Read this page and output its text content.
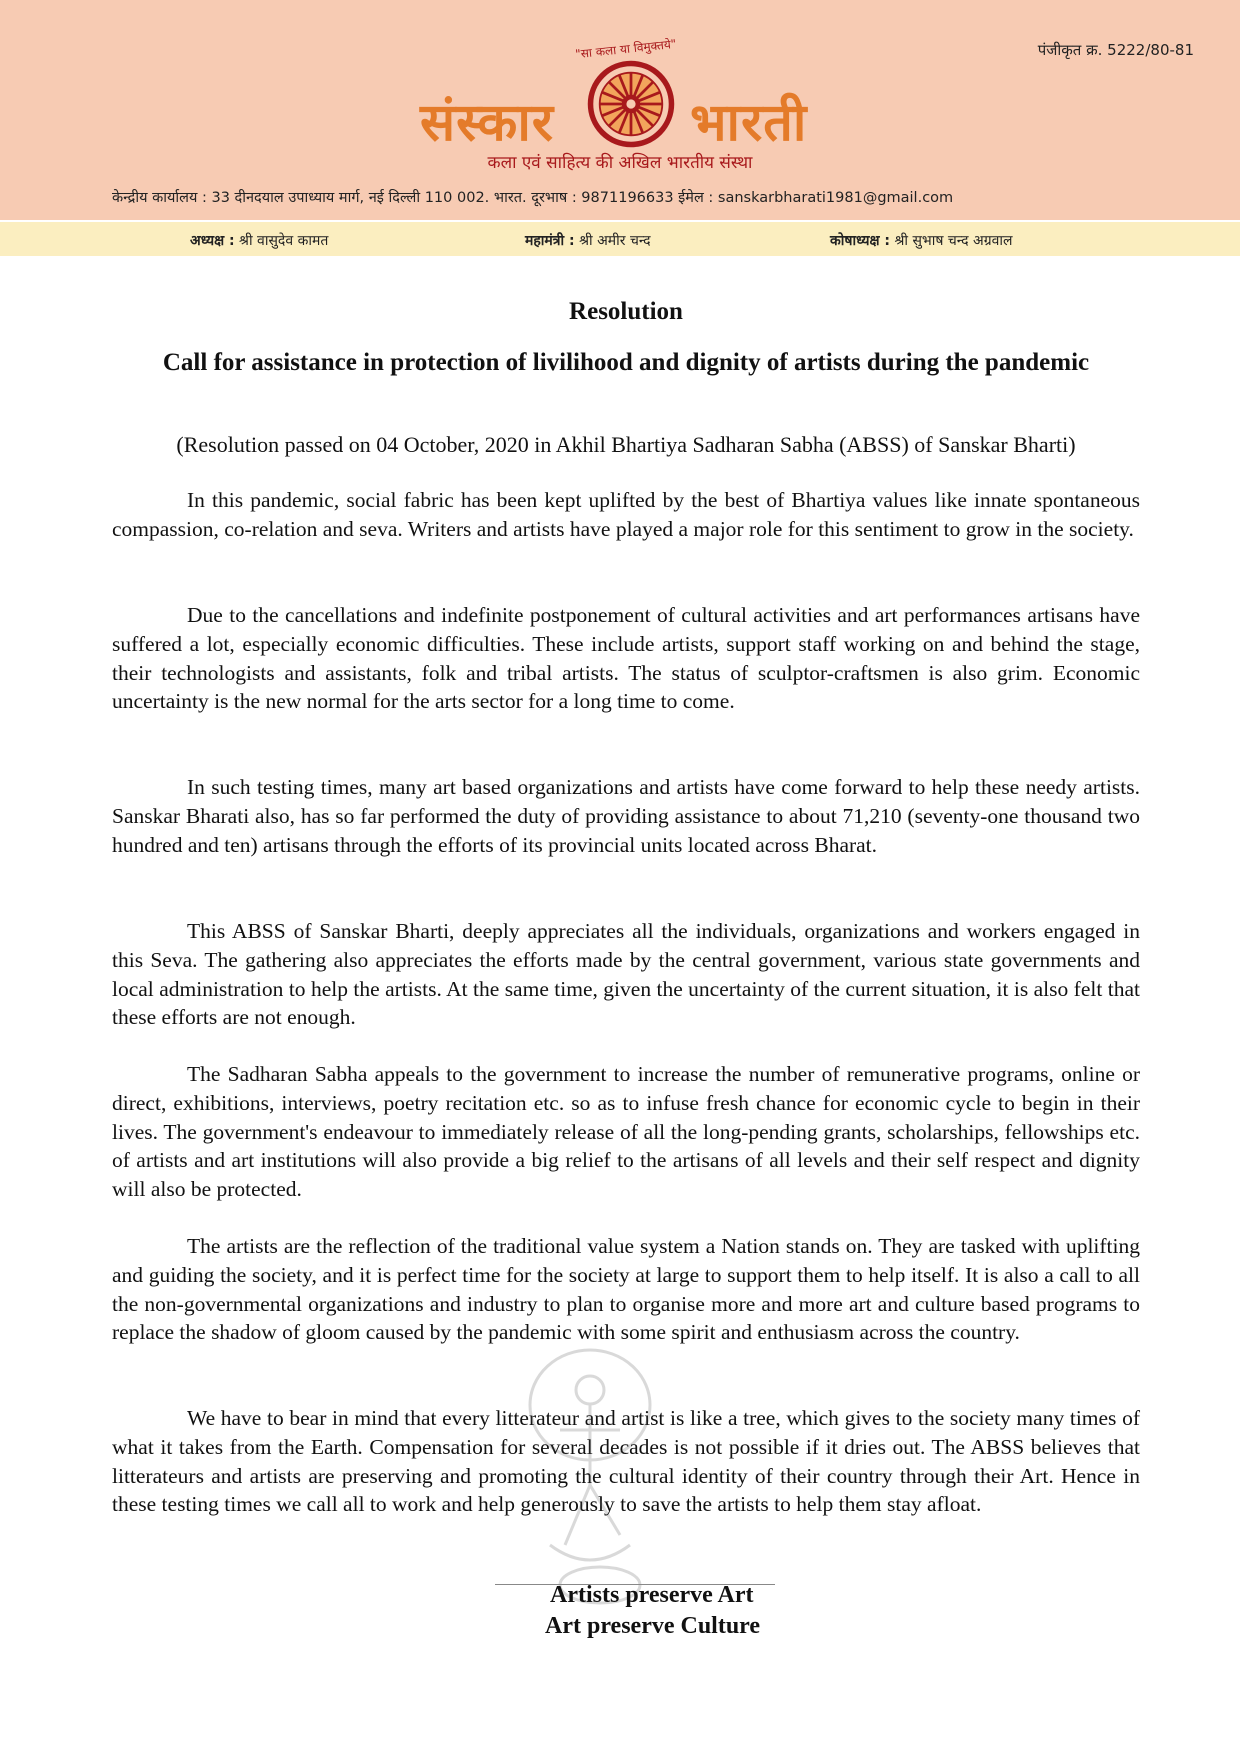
पंजीकृत क्र. 5222/80-81
"सा कला या विमुक्तये"
संस्कार	भारती
कला एवं साहित्य की अखिल भारतीय संस्था
केन्द्रीय कार्यालय : 33 दीनदयाल उपाध्याय मार्ग, नई दिल्ली 110 002. भारत. दूरभाष : 9871196633 ईमेल : sanskarbharati1981@gmail.com
अध्यक्ष : श्री वासुदेव कामत	महामंत्री : श्री अमीर चन्द	कोषाध्यक्ष : श्री सुभाष चन्द अग्रवाल
Resolution
Call for assistance in protection of livilihood and dignity of artists during the pandemic
(Resolution passed on 04 October, 2020 in Akhil Bhartiya Sadharan Sabha (ABSS) of Sanskar Bharti)

In this pandemic, social fabric has been kept uplifted by the best of Bhartiya values like innate spontaneous compassion, co-relation and seva. Writers and artists have played a major role for this sentiment to grow in the society.

Due to the cancellations and indefinite postponement of cultural activities and art performances artisans have suffered a lot, especially economic difficulties. These include artists, support staff working on and behind the stage, their technologists and assistants, folk and tribal artists. The status of sculptor-craftsmen is also grim. Economic uncertainty is the new normal for the arts sector for a long time to come.

In such testing times, many art based organizations and artists have come forward to help these needy artists. Sanskar Bharati also, has so far performed the duty of providing assistance to about 71,210 (seventy-one thousand two hundred and ten) artisans through the efforts of its provincial units located across Bharat.

This ABSS of Sanskar Bharti, deeply appreciates all the individuals, organizations and workers engaged in this Seva. The gathering also appreciates the efforts made by the central government, various state governments and local administration to help the artists. At the same time, given the uncertainty of the current situation, it is also felt that these efforts are not enough.

The Sadharan Sabha appeals to the government to increase the number of remunerative programs, online or direct, exhibitions, interviews, poetry recitation etc. so as to infuse fresh chance for economic cycle to begin in their lives. The government's endeavour to immediately release of all the long-pending grants, scholarships, fellowships etc. of artists and art institutions will also provide a big relief to the artisans of all levels and their self respect and dignity will also be protected.

The artists are the reflection of the traditional value system a Nation stands on. They are tasked with uplifting and guiding the society, and it is perfect time for the society at large to support them to help itself. It is also a call to all the non-governmental organizations and industry to plan to organise more and more art and culture based programs to replace the shadow of gloom caused by the pandemic with some spirit and enthusiasm across the country.

We have to bear in mind that every litterateur and artist is like a tree, which gives to the society many times of what it takes from the Earth. Compensation for several decades is not possible if it dries out. The ABSS believes that litterateurs and artists are preserving and promoting the cultural identity of their country through their Art. Hence in these testing times we call all to work and help generously to save the artists to help them stay afloat.

Artists preserve Art
Art preserve Culture
